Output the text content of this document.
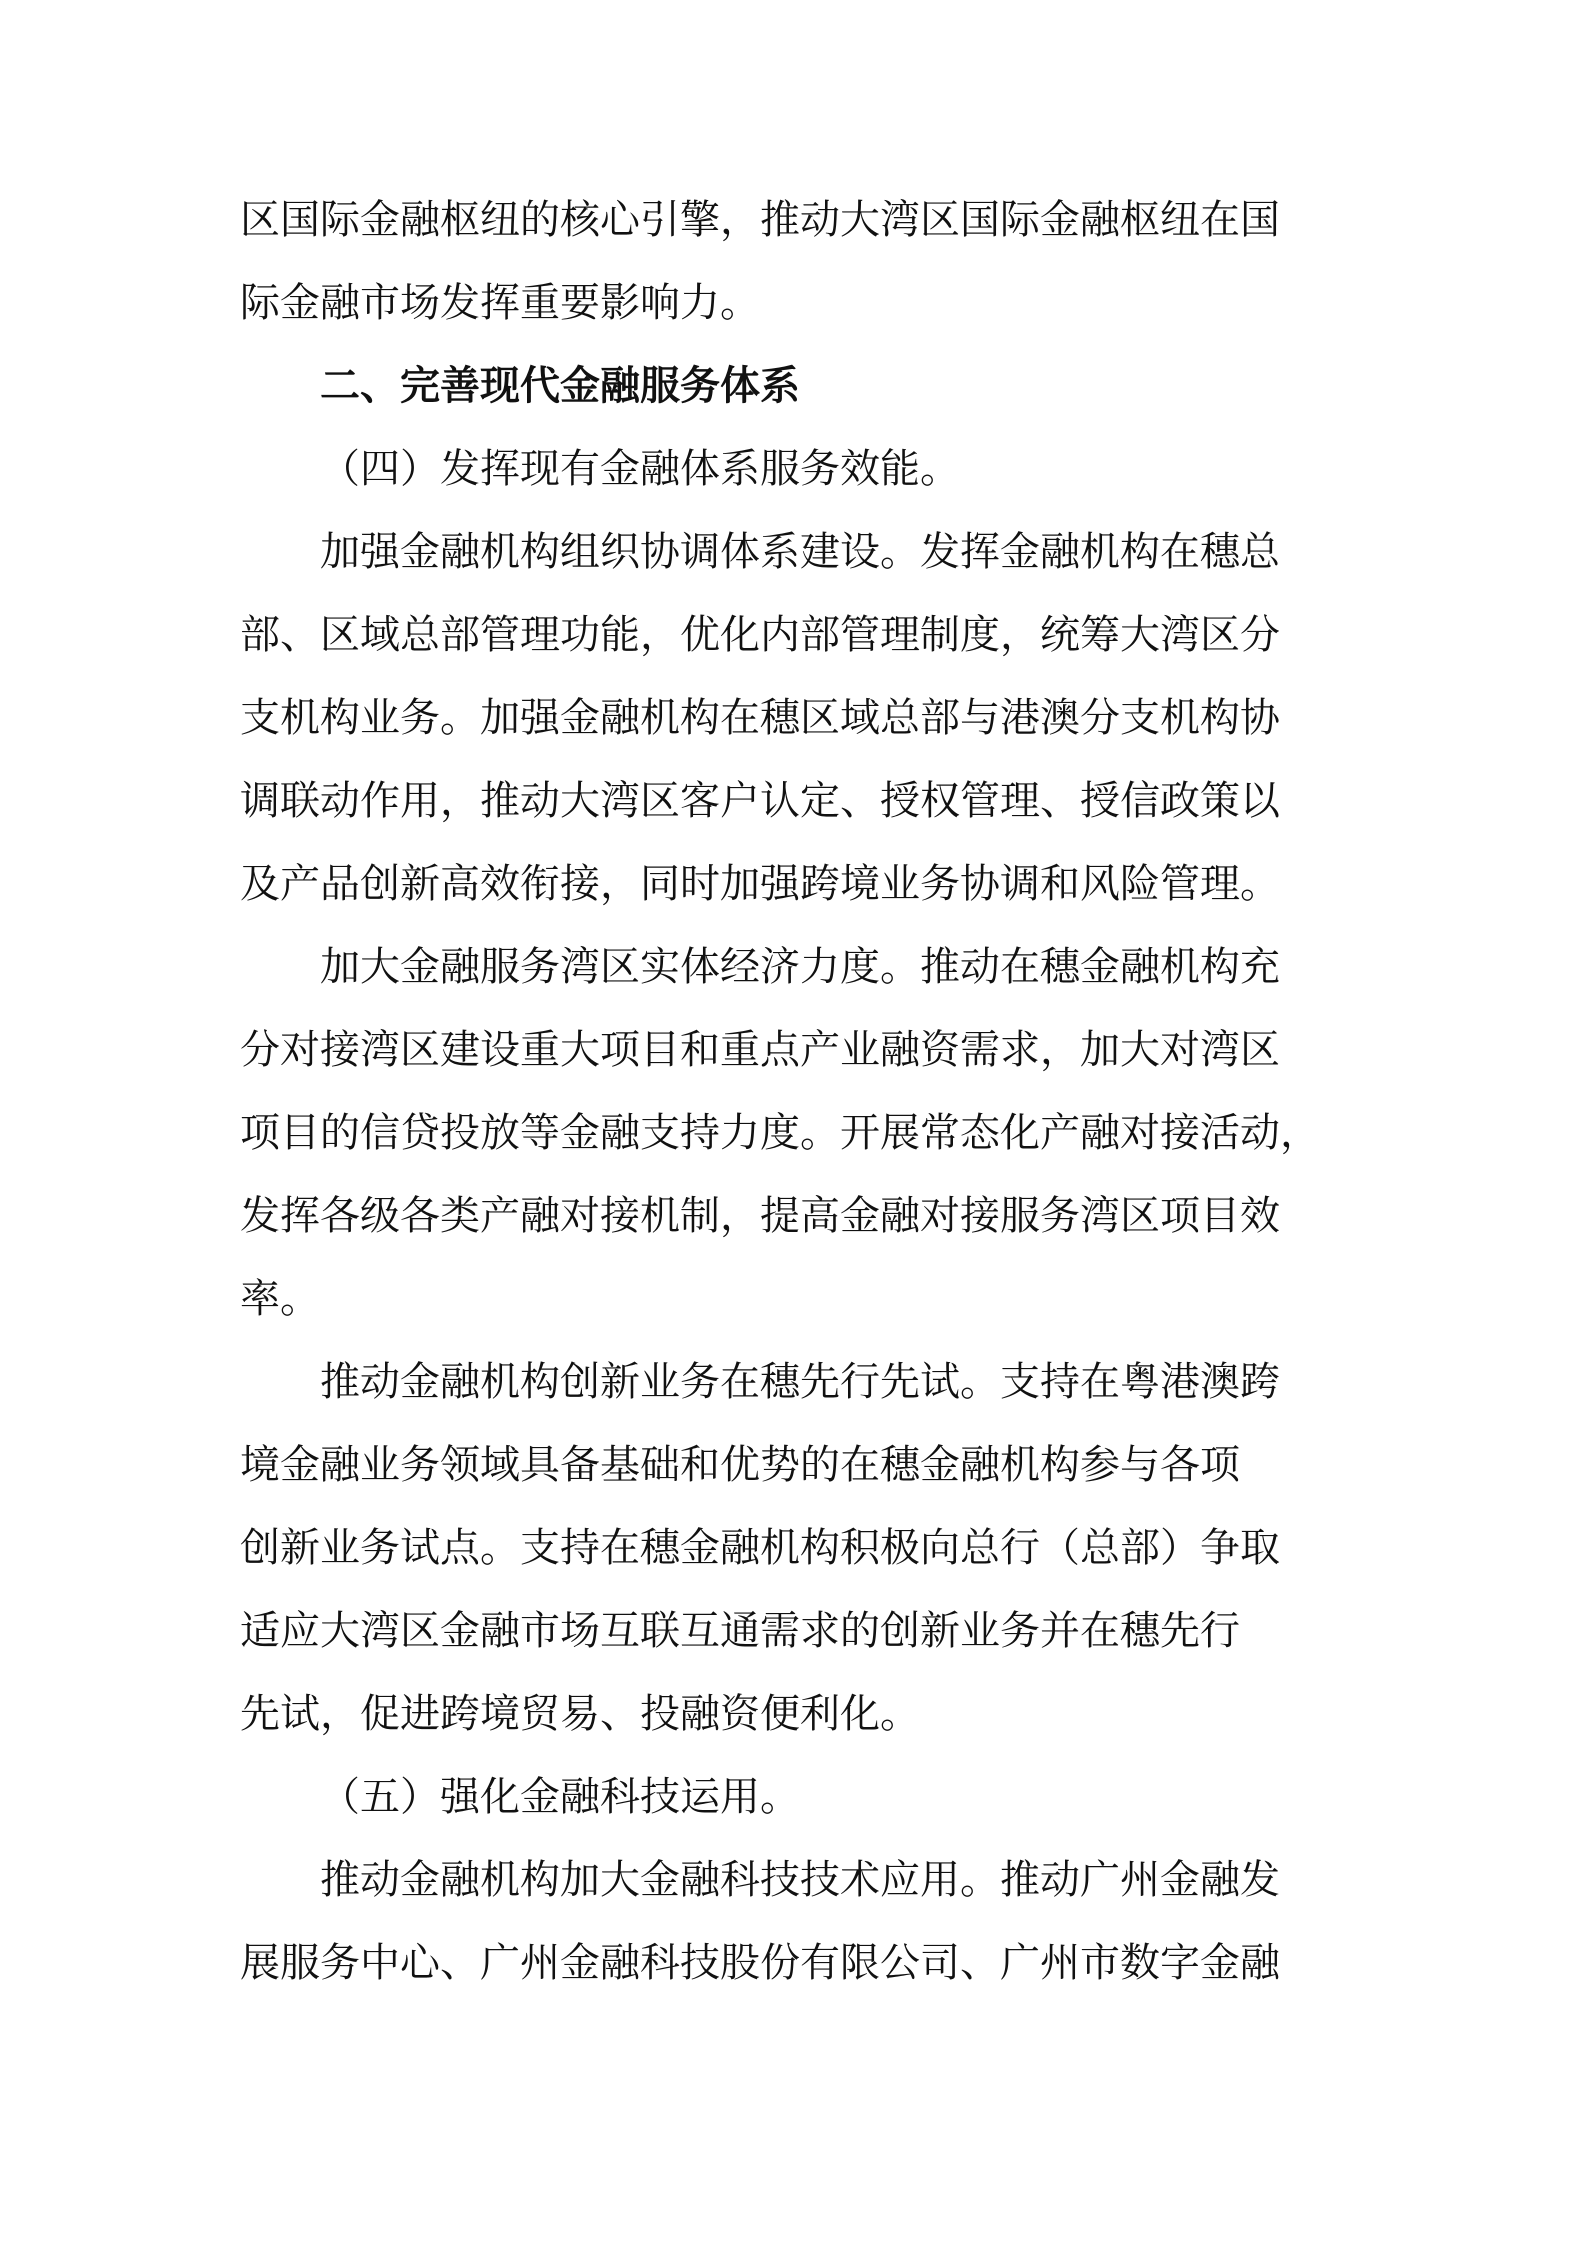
区国际金融枢纽的核心引擎，推动大湾区国际金融枢纽在国
际金融市场发挥重要影响力。
二、完善现代金融服务体系
（四）发挥现有金融体系服务效能。
加强金融机构组织协调体系建设。发挥金融机构在穗总
部、区域总部管理功能，优化内部管理制度，统筹大湾区分
支机构业务。加强金融机构在穗区域总部与港澳分支机构协
调联动作用，推动大湾区客户认定、授权管理、授信政策以
及产品创新高效衔接，同时加强跨境业务协调和风险管理。
加大金融服务湾区实体经济力度。推动在穗金融机构充
分对接湾区建设重大项目和重点产业融资需求，加大对湾区
项目的信贷投放等金融支持力度。开展常态化产融对接活动，
发挥各级各类产融对接机制，提高金融对接服务湾区项目效
率。
推动金融机构创新业务在穗先行先试。支持在粤港澳跨
境金融业务领域具备基础和优势的在穗金融机构参与各项
创新业务试点。支持在穗金融机构积极向总行（总部）争取
适应大湾区金融市场互联互通需求的创新业务并在穗先行
先试，促进跨境贸易、投融资便利化。
（五）强化金融科技运用。
推动金融机构加大金融科技技术应用。推动广州金融发
展服务中心、广州金融科技股份有限公司、广州市数字金融
